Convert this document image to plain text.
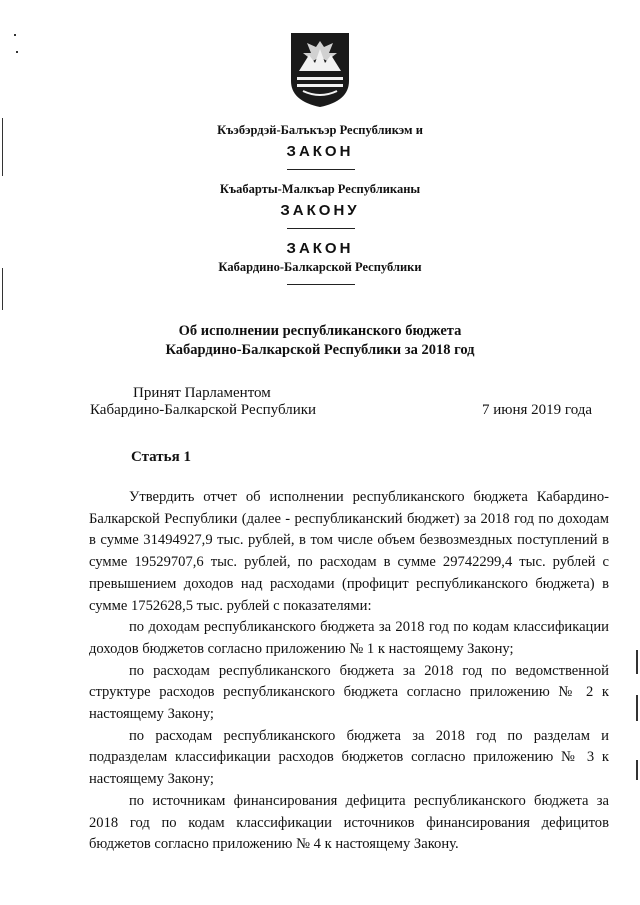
Къэбэрдэй-Балъкъэр Республикэм и
ЗАКОН
Къабарты-Малкъар Республиканы
ЗАКОНУ
ЗАКОН
Кабардино-Балкарской Республики
Об исполнении республиканского бюджета
Кабардино-Балкарской Республики за 2018 год
Принят Парламентом
Кабардино-Балкарской Республики	7 июня 2019 года
Статья 1

Утвердить отчет об исполнении республиканского бюджета Кабардино-Балкарской Республики (далее - республиканский бюджет) за 2018 год по доходам в сумме 31494927,9 тыс. рублей, в том числе объем безвозмездных поступлений в сумме 19529707,6 тыс. рублей, по расходам в сумме 29742299,4 тыс. рублей с превышением доходов над расходами (профицит республиканского бюджета) в сумме 1752628,5 тыс. рублей с показателями:

по доходам республиканского бюджета за 2018 год по кодам классификации доходов бюджетов согласно приложению № 1 к настоящему Закону;

по расходам республиканского бюджета за 2018 год по ведомственной структуре расходов республиканского бюджета согласно приложению № 2 к настоящему Закону;

по расходам республиканского бюджета за 2018 год по разделам и подразделам классификации расходов бюджетов согласно приложению № 3 к настоящему Закону;

по источникам финансирования дефицита республиканского бюджета за 2018 год по кодам классификации источников финансирования дефицитов бюджетов согласно приложению № 4 к настоящему Закону.
